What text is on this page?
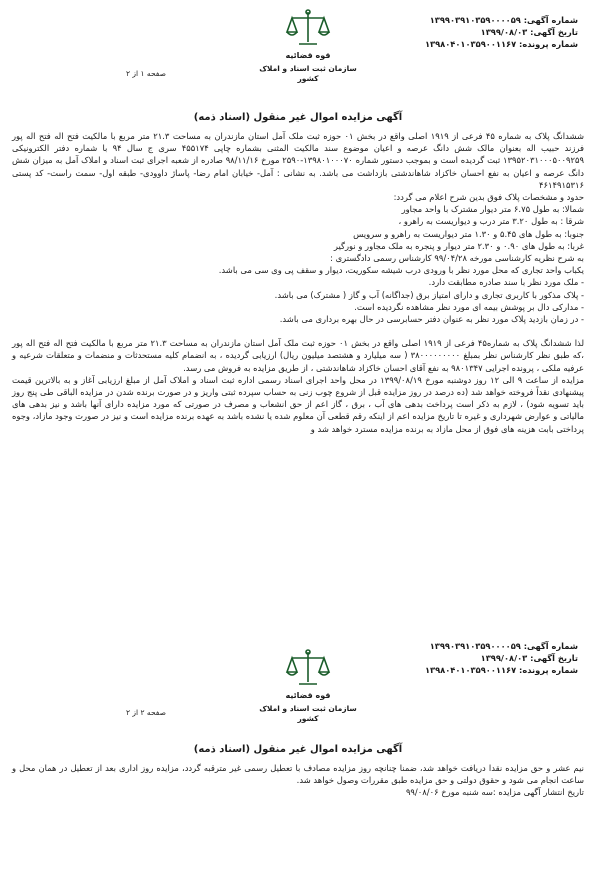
شماره آگهی: ۱۳۹۹۰۳۹۱۰۳۵۹۰۰۰۰۵۹
تاریخ آگهی: ۱۳۹۹/۰۸/۰۳
شماره پرونده: ۱۳۹۸۰۴۰۱۰۳۵۹۰۰۱۱۶۷
قوه قضائیه
سازمان ثبت اسناد و املاک کشور
صفحه ۱ از ۲
آگهی مزایده اموال غیر منقول (اسناد ذمه)

ششدانگ پلاک به شماره ۴۵ فرعی از ۱۹۱۹ اصلی واقع در بخش ۰۱ حوزه ثبت ملک آمل استان مازندران به مساحت ۲۱.۳ متر مربع با مالکیت فتح اله فتح اله پور فرزند حبیب اله بعنوان مالک شش دانگ عرصه و اعیان موضوع سند مالکیت المثنی بشماره چاپی ۴۵۵۱۷۴ سری ج سال ۹۴ با شماره دفتر الکترونیکی ۱۳۹۵۲۰۳۱۰۰۰۵۰۰۹۲۵۹ ثبت گردیده است و بموجب دستور شماره ۱۳۹۸۰۱۰۰۰۷۰-۲۵۹۰ مورخ ۹۸/۱۱/۱۶ صادره از شعبه اجرای ثبت اسناد و املاک آمل به میزان شش دانگ عرصه و اعیان به نفع احسان خاکزاد شاهاندشتی بازداشت می باشد. به نشانی : آمل- خیابان امام رضا- پاساژ داوودی- طبقه اول- سمت راست- کد پستی ۴۶۱۴۹۱۵۳۱۶

حدود و مشخصات پلاک فوق بدین شرح اعلام می گردد:

شمالا: به طول ۶.۷۵ متر دیوار مشترک با واحد مجاور

شرقا : به طول ۳.۲۰ متر درب و دیواریست به راهرو ،

جنوبا: به طول های ۵.۴۵ و ۱.۳۰ متر دیواریست به راهرو و سرویس

غربا: به طول های ۰.۹۰ و ۲.۳۰ متر دیوار و پنجره به ملک مجاور و نورگیر

به شرح نظریه کارشناسی مورخه ۹۹/۰۴/۲۸ کارشناس رسمی دادگستری :

یکباب واحد تجاری که محل مورد نظر با ورودی درب شیشه سکوریت، دیوار و سقف پی وی سی می باشد.

- ملک مورد نظر با سند صادره مطابقت دارد.

- پلاک مذکور با کاربری تجاری و دارای امتیاز برق (جداگانه) آب و گاز ( مشترک) می باشد.

- مدارکی دال بر پوشش بیمه ای مورد نظر مشاهده نگردیده است.

- در زمان بازدید پلاک مورد نظر به عنوان دفتر حسابرسی در حال بهره برداری می باشد.

لذا ششدانگ پلاک به شماره۴۵ فرعی از ۱۹۱۹ اصلی واقع در بخش ۰۱ حوزه ثبت ملک آمل استان مازندران به مساحت ۲۱.۳ متر مربع با مالکیت فتح اله فتح اله پور ،که طبق نظر کارشناس نظر بمبلغ ۳۸۰۰۰۰۰۰۰۰۰ ( سه میلیارد و هشتصد میلیون ریال) ارزیابی گردیده ، به انضمام کلیه مستحدثات و منضمات و متعلقات شرعیه و عرفیه ملکی ، پرونده اجرایی ۹۸۰۱۳۴۷ به نفع آقای احسان خاکزاد شاهاندشتی ، از طریق مزایده به فروش می رسد.

مزایده از ساعت ۹ الی ۱۲ روز دوشنبه مورخ ۱۳۹۹/۰۸/۱۹ در محل واحد اجرای اسناد رسمی اداره ثبت اسناد و املاک آمل از مبلغ ارزیابی آغاز و به بالاترین قیمت پیشنهادی نقداً فروخته خواهد شد (ده درصد در روز مزایده قبل از شروع چوب زنی به حساب سپرده ثبتی واریز و در صورت برنده شدن در مزایده الباقی طی پنج روز باید تسویه شود) ، لازم به ذکر است پرداخت بدهی های آب ، برق ، گاز اعم از حق انشعاب و مصرف در صورتی که مورد مزایده دارای آنها باشد و نیز بدهی های مالیاتی و عوارض شهرداری و غیره تا تاریخ مزایده اعم از اینکه رقم قطعی آن معلوم شده یا نشده باشد به عهده برنده مزایده است و نیز در صورت وجود مازاد، وجوه پرداختی بابت هزینه های فوق از محل مازاد به برنده مزایده مسترد خواهد شد و

شماره آگهی: ۱۳۹۹۰۳۹۱۰۳۵۹۰۰۰۰۵۹
تاریخ آگهی: ۱۳۹۹/۰۸/۰۳
شماره پرونده: ۱۳۹۸۰۴۰۱۰۳۵۹۰۰۱۱۶۷
قوه قضائیه
سازمان ثبت اسناد و املاک کشور
صفحه ۲ از ۲
آگهی مزایده اموال غیر منقول (اسناد ذمه)

نیم عشر و حق مزایده نقدا دریافت خواهد شد، ضمنا چنانچه روز مزایده مصادف با تعطیل رسمی غیر مترقبه گردد، مزایده روز اداری بعد از تعطیل در همان محل و ساعت انجام می شود و حقوق دولتی و حق مزایده طبق مقررات وصول خواهد شد.

تاریخ انتشار آگهی مزایده :سه شنبه مورخ ۹۹/۰۸/۰۶
